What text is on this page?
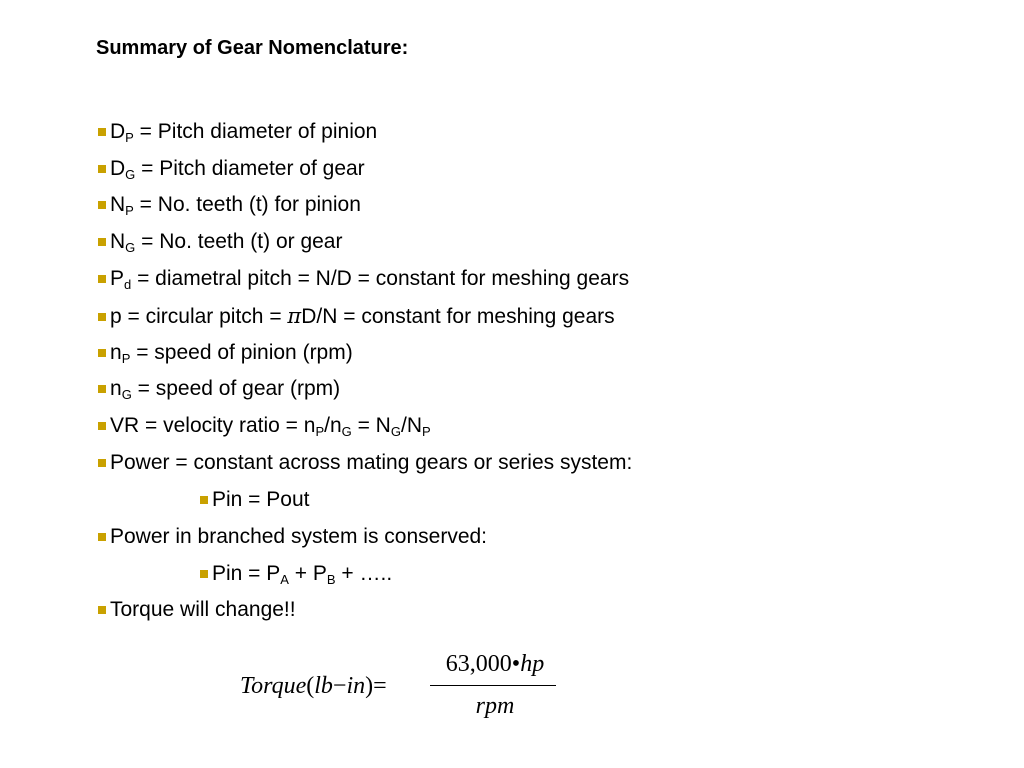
Summary of Gear Nomenclature:
$D_P$ = Pitch diameter of pinion
$D_G$ = Pitch diameter of gear
$N_P = No$. teeth (t) for pinion
$N_G = No$. teeth (t) or gear
$P_d$ = diametral pitch = N/D = constant for meshing gears
p = circular pitch = πD/N = constant for meshing gears
$n_P$ = speed of pinion (rpm)
$n_G$ = speed of gear (rpm)
VR = velocity ratio = $n_P/n_G = N_G/N_P$
Power = constant across mating gears or series system:
Pin = Pout
Power in branched system is conserved:
Pin = $P_A + P_B$ + …..
Torque will change!!
Torque(lb−in)=
63,000•hp
rpm
